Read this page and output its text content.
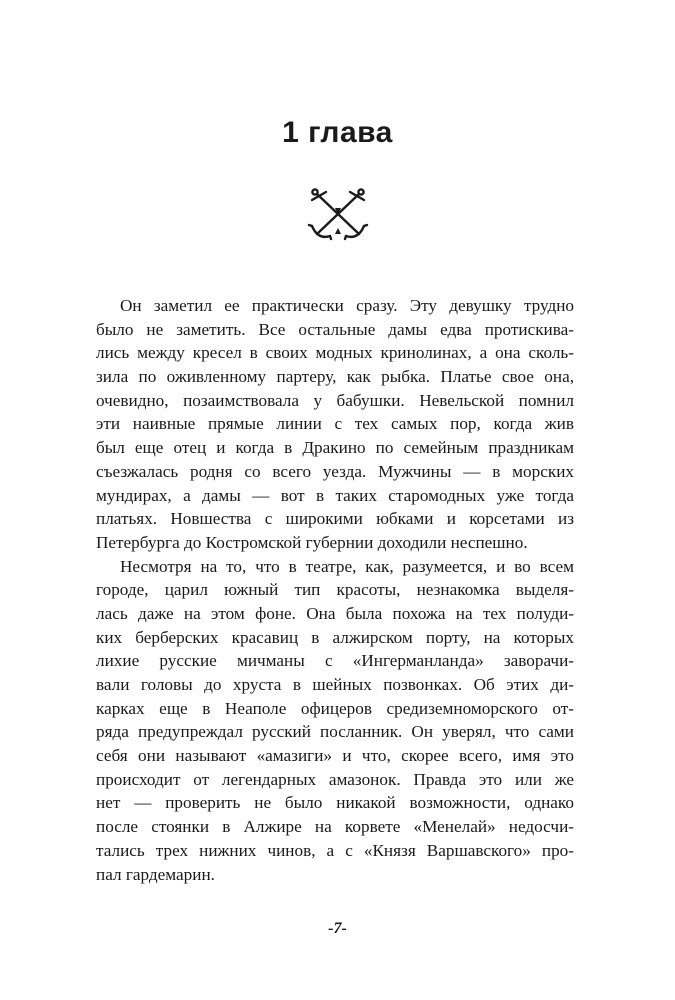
1 глава

Он заметил ее практически сразу. Эту девушку трудно
было не заметить. Все остальные дамы едва протискива-
лись между кресел в своих модных кринолинах, а она сколь-
зила по оживленному партеру, как рыбка. Платье свое она,
очевидно, позаимствовала у бабушки. Невельской помнил
эти наивные прямые линии с тех самых пор, когда жив
был еще отец и когда в Дракино по семейным праздникам
съезжалась родня со всего уезда. Мужчины — в морских
мундирах, а дамы — вот в таких старомодных уже тогда
платьях. Новшества с широкими юбками и корсетами из
Петербурга до Костромской губернии доходили неспешно.

Несмотря на то, что в театре, как, разумеется, и во всем
городе, царил южный тип красоты, незнакомка выделя-
лась даже на этом фоне. Она была похожа на тех полуди-
ких берберских красавиц в алжирском порту, на которых
лихие русские мичманы с «Ингерманланда» заворачи-
вали головы до хруста в шейных позвонках. Об этих ди-
карках еще в Неаполе офицеров средиземноморского от-
ряда предупреждал русский посланник. Он уверял, что сами
себя они называют «амазиги» и что, скорее всего, имя это
происходит от легендарных амазонок. Правда это или же
нет — проверить не было никакой возможности, однако
после стоянки в Алжире на корвете «Менелай» недосчи-
тались трех нижних чинов, а с «Князя Варшавского» про-
пал гардемарин.

-7-
